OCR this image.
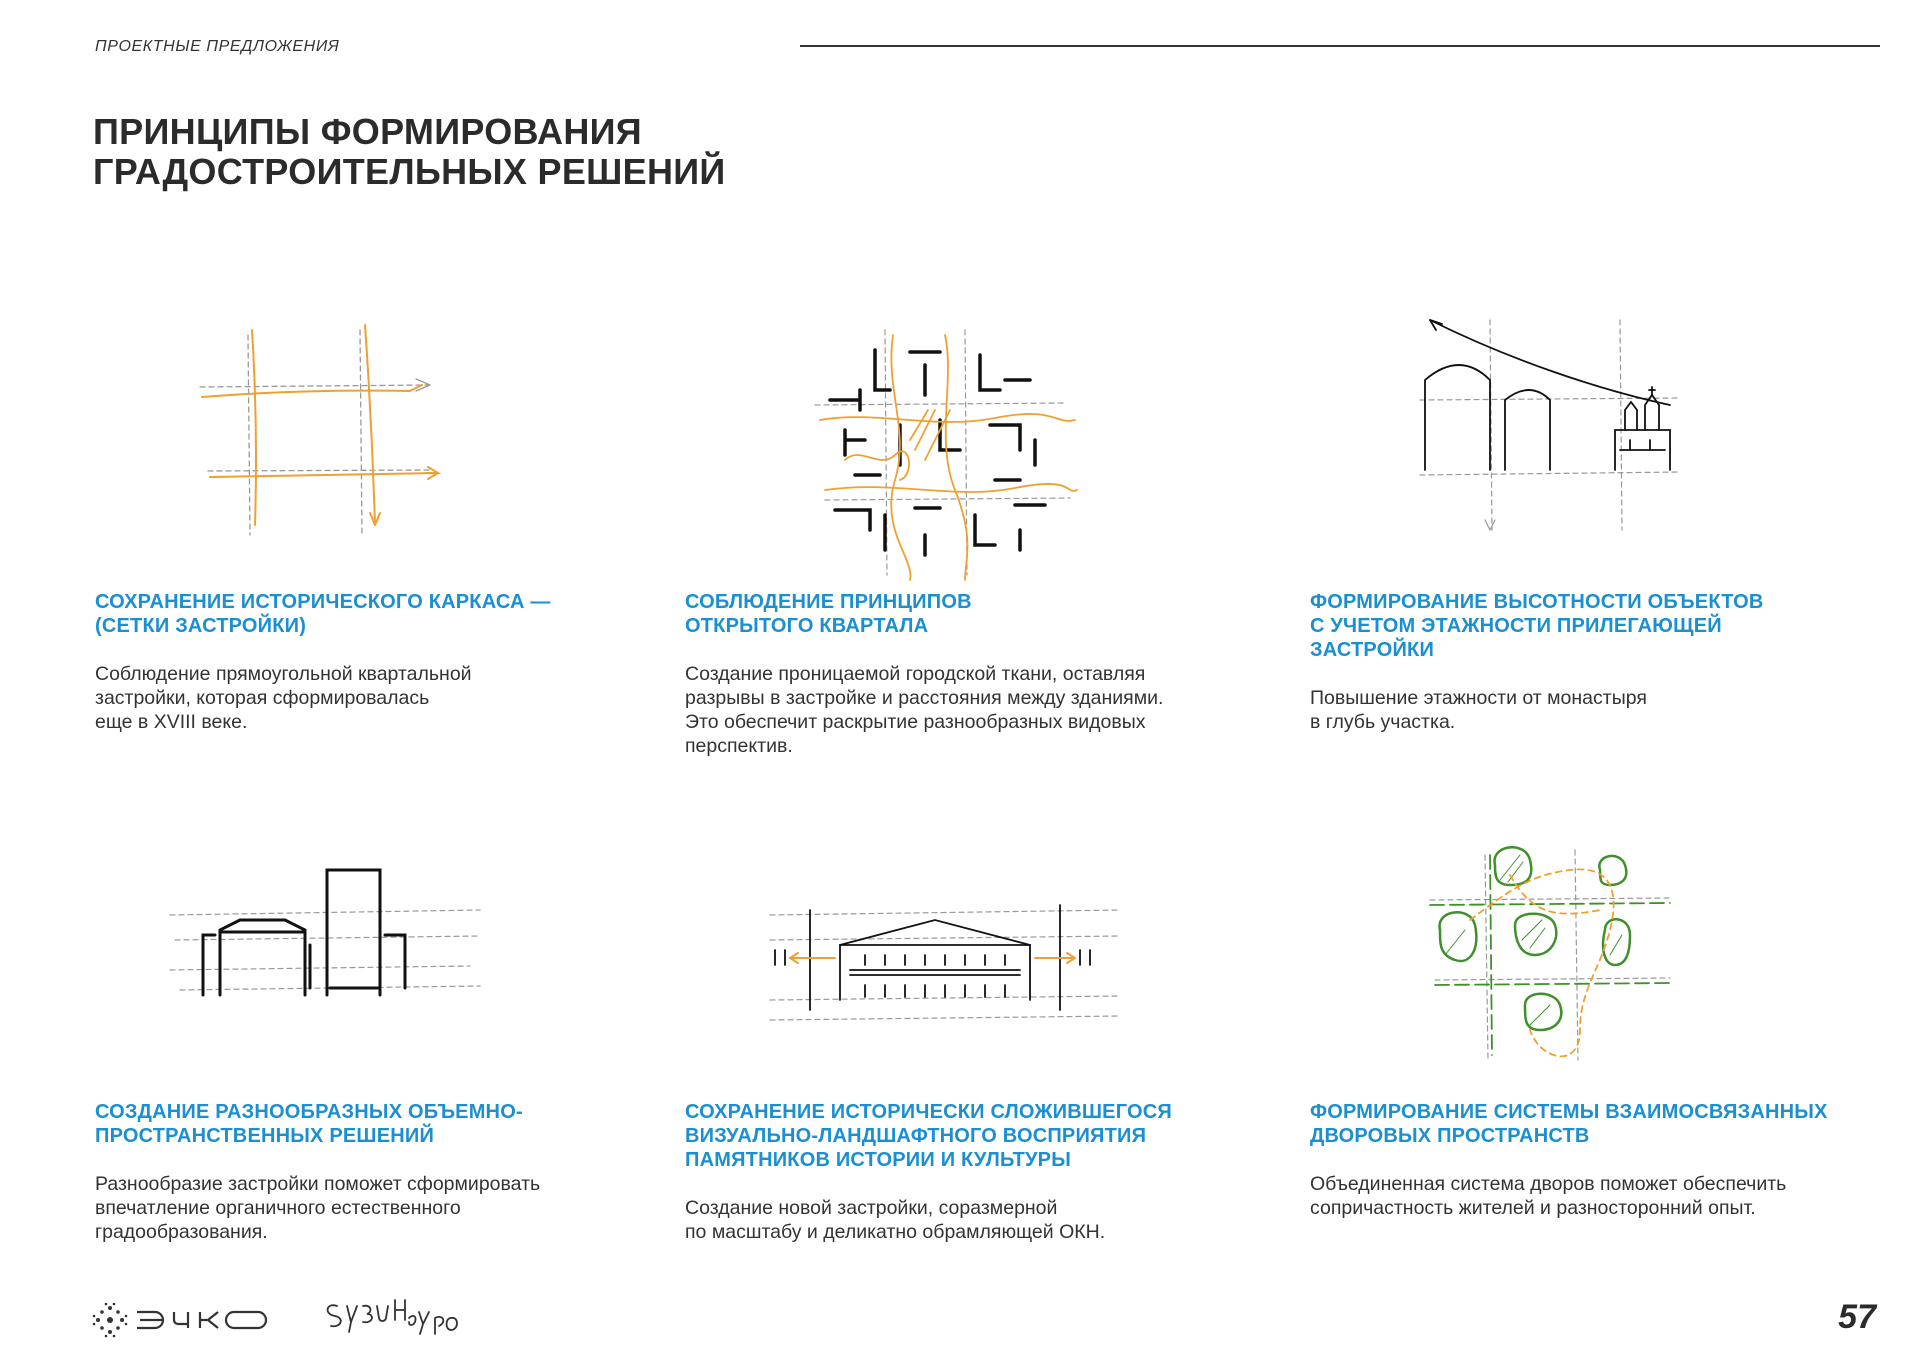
ПРОЕКТНЫЕ ПРЕДЛОЖЕНИЯ
ПРИНЦИПЫ ФОРМИРОВАНИЯ
ГРАДОСТРОИТЕЛЬНЫХ РЕШЕНИЙ
СОХРАНЕНИЕ ИСТОРИЧЕСКОГО КАРКАСА —
(СЕТКИ ЗАСТРОЙКИ)

Соблюдение прямоугольной квартальной
застройки, которая сформировалась
еще в XVIII веке.

СОБЛЮДЕНИЕ ПРИНЦИПОВ
ОТКРЫТОГО КВАРТАЛА

Создание проницаемой городской ткани, оставляя
разрывы в застройке и расстояния между зданиями.
Это обеспечит раскрытие разнообразных видовых
перспектив.

ФОРМИРОВАНИЕ ВЫСОТНОСТИ ОБЪЕКТОВ
С УЧЕТОМ ЭТАЖНОСТИ ПРИЛЕГАЮЩЕЙ
ЗАСТРОЙКИ

Повышение этажности от монастыря
в глубь участка.

СОЗДАНИЕ РАЗНООБРАЗНЫХ ОБЪЕМНО-
ПРОСТРАНСТВЕННЫХ РЕШЕНИЙ

Разнообразие застройки поможет сформировать
впечатление органичного естественного
градообразования.

СОХРАНЕНИЕ ИСТОРИЧЕСКИ СЛОЖИВШЕГОСЯ
ВИЗУАЛЬНО-ЛАНДШАФТНОГО ВОСПРИЯТИЯ
ПАМЯТНИКОВ ИСТОРИИ И КУЛЬТУРЫ

Создание новой застройки, соразмерной
по масштабу и деликатно обрамляющей ОКН.

ФОРМИРОВАНИЕ СИСТЕМЫ ВЗАИМОСВЯЗАННЫХ
ДВОРОВЫХ ПРОСТРАНСТВ

Объединенная система дворов поможет обеспечить
сопричастность жителей и разносторонний опыт.

57
